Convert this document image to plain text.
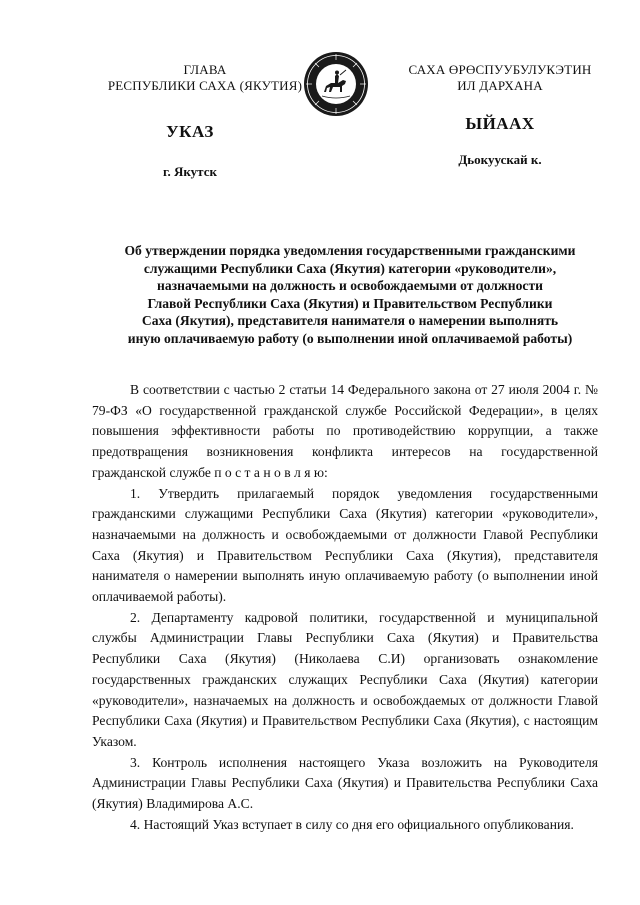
ГЛАВА
РЕСПУБЛИКИ САХА (ЯКУТИЯ)
САХА ӨРӨСПУУБУЛУКЭТИН
ИЛ ДАРХАНА
УКАЗ	ЫЙААХ
г. Якутск
Дьокуускай к.
Об утверждении порядка уведомления государственными гражданскими
служащими Республики Саха (Якутия) категории «руководители»,
назначаемыми на должность и освобождаемыми от должности
Главой Республики Саха (Якутия) и Правительством Республики
Саха (Якутия), представителя нанимателя о намерении выполнять
иную оплачиваемую работу (о выполнении иной оплачиваемой работы)

В соответствии с частью 2 статьи 14 Федерального закона от 27 июля 2004 г. № 79-ФЗ «О государственной гражданской службе Российской Федерации», в целях повышения эффективности работы по противодействию коррупции, а также предотвращения возникновения конфликта интересов на государственной гражданской службе п о с т а н о в л я ю:

1. Утвердить прилагаемый порядок уведомления государственными гражданскими служащими Республики Саха (Якутия) категории «руководители», назначаемыми на должность и освобождаемыми от должности Главой Республики Саха (Якутия) и Правительством Республики Саха (Якутия), представителя нанимателя о намерении выполнять иную оплачиваемую работу (о выполнении иной оплачиваемой работы).

2. Департаменту кадровой политики, государственной и муниципальной службы Администрации Главы Республики Саха (Якутия) и Правительства Республики Саха (Якутия) (Николаева С.И) организовать ознакомление государственных гражданских служащих Республики Саха (Якутия) категории «руководители», назначаемых на должность и освобождаемых от должности Главой Республики Саха (Якутия) и Правительством Республики Саха (Якутия), с настоящим Указом.

3. Контроль исполнения настоящего Указа возложить на Руководителя Администрации Главы Республики Саха (Якутия) и Правительства Республики Саха (Якутия) Владимирова А.С.

4. Настоящий Указ вступает в силу со дня его официального опубликования.
